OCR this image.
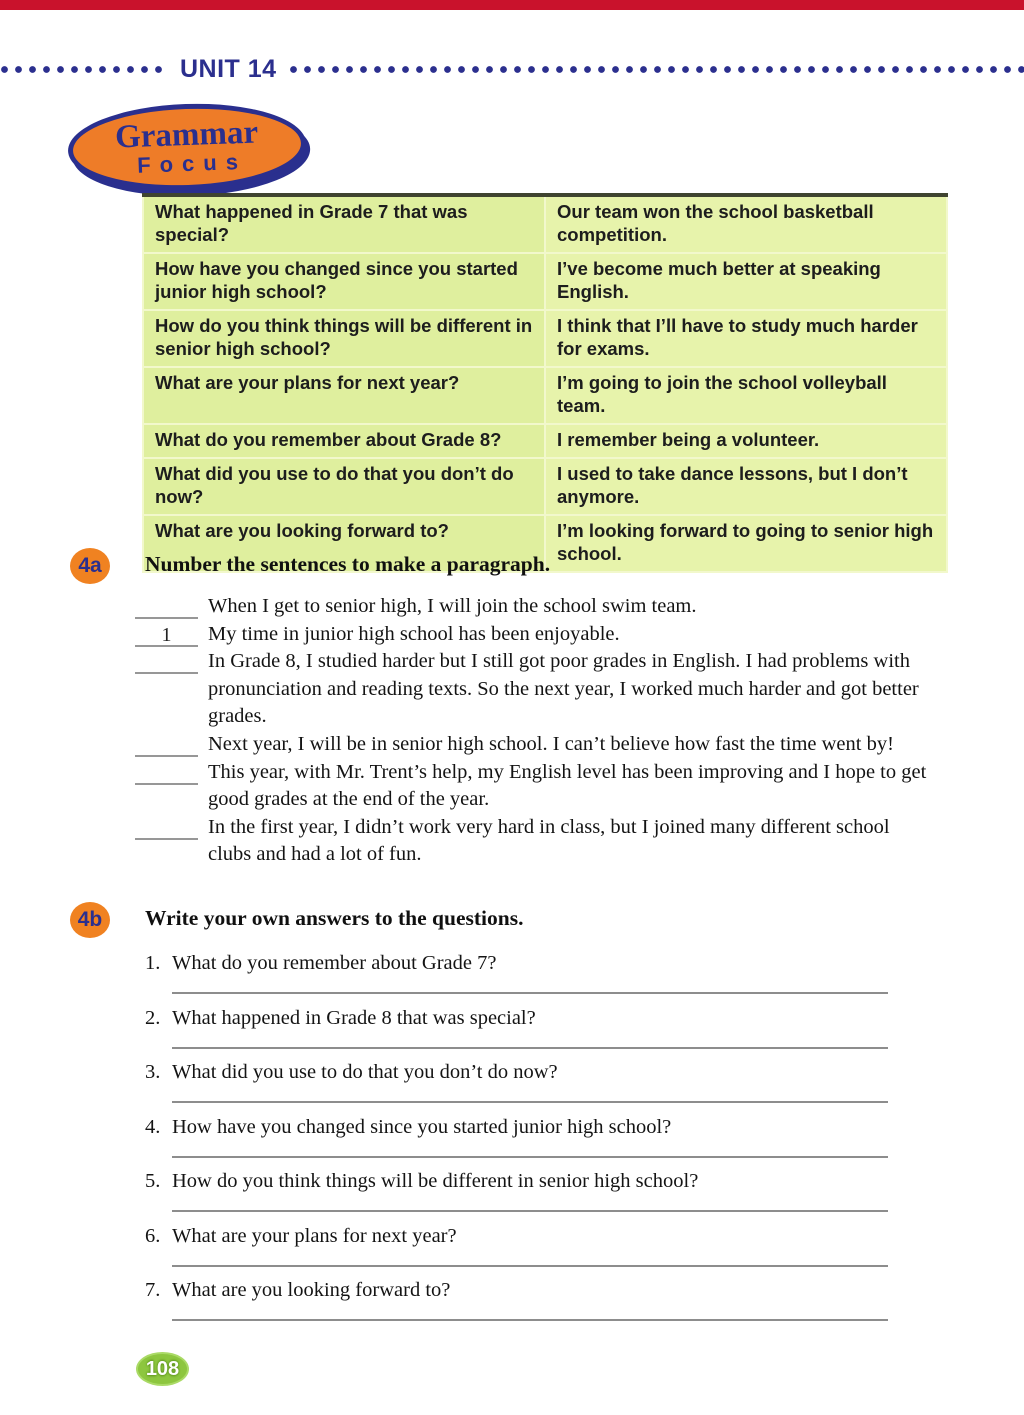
UNIT 14
Grammar
Focus
What happened in Grade 7 that was special?	Our team won the school basketball competition.
How have you changed since you started junior high school?	I’ve become much better at speaking English.
How do you think things will be different in senior high school?	I think that I’ll have to study much harder for exams.
What are your plans for next year?	I’m going to join the school volleyball team.
What do you remember about Grade 8?	I remember being a volunteer.
What did you use to do that you don’t do now?	I used to take dance lessons, but I don’t anymore.
What are you looking forward to?	I’m looking forward to going to senior high school.
4a	Number the sentences to make a paragraph.
When I get to senior high, I will join the school swim team.
1	My time in junior high school has been enjoyable.
In Grade 8, I studied harder but I still got poor grades in English. I had problems with pronunciation and reading texts. So the next year, I worked much harder and got better grades.
Next year, I will be in senior high school. I can’t believe how fast the time went by!
This year, with Mr. Trent’s help, my English level has been improving and I hope to get good grades at the end of the year.
In the first year, I didn’t work very hard in class, but I joined many different school clubs and had a lot of fun.
4b	Write your own answers to the questions.
1. What do you remember about Grade 7?
2. What happened in Grade 8 that was special?
3. What did you use to do that you don’t do now?
4. How have you changed since you started junior high school?
5. How do you think things will be different in senior high school?
6. What are your plans for next year?
7. What are you looking forward to?
108
